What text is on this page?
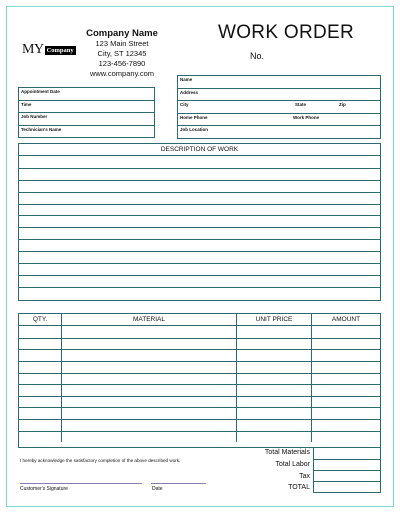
MY Company
Company Name
123 Main Street
City, ST 12345
123-456-7890
www.company.com
WORK ORDER
No.
Appointment Date
Time
Job Number
Technician's Name
Name
Address
City	State	Zip
Home Phone	Work Phone
Job Location
DESCRIPTION OF WORK
QTY.	MATERIAL	UNIT PRICE	AMOUNT
Total Materials
Total Labor
Tax
TOTAL
I hereby acknowledge the satisfactory completion of the above described work.
Customer's Signature	Date
